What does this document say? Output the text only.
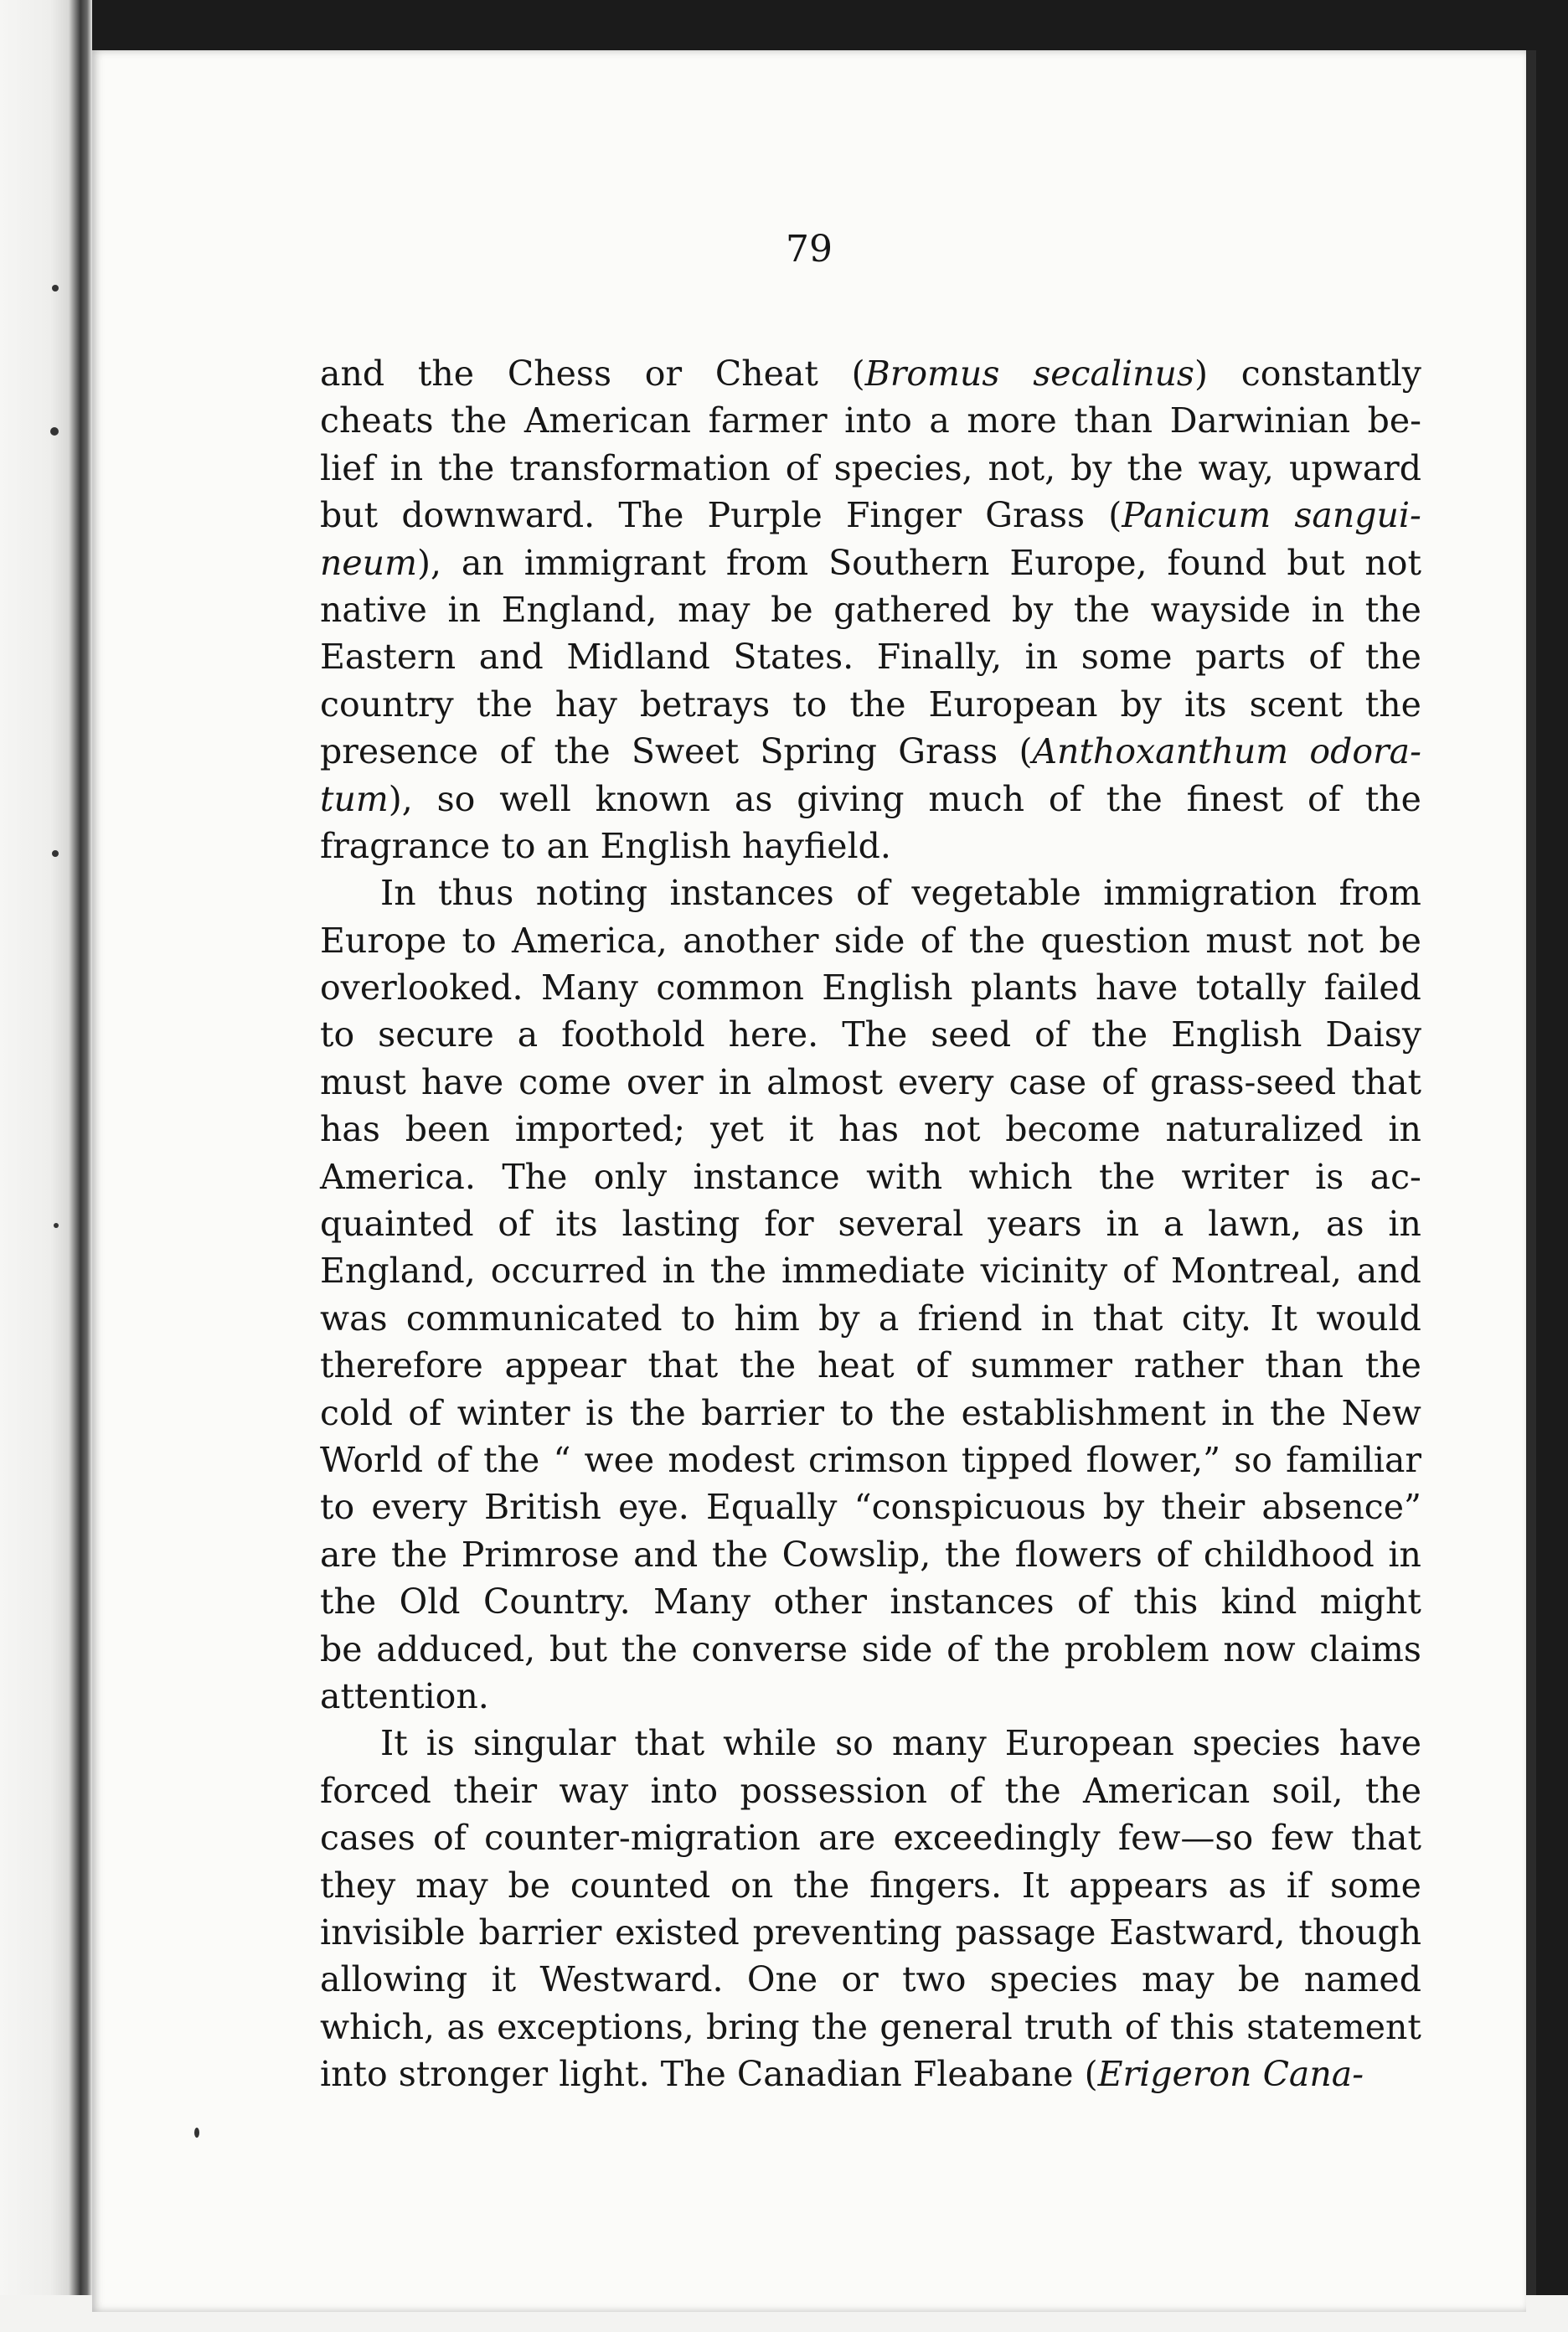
79
and the Chess or Cheat (Bromus secalinus) constantly
cheats the American farmer into a more than Darwinian be-
lief in the transformation of species, not, by the way, upward
but downward. The Purple Finger Grass (Panicum sangui-
neum), an immigrant from Southern Europe, found but not
native in England, may be gathered by the wayside in the
Eastern and Midland States. Finally, in some parts of the
country the hay betrays to the European by its scent the
presence of the Sweet Spring Grass (Anthoxanthum odora-
tum), so well known as giving much of the finest of the
fragrance to an English hayfield.
In thus noting instances of vegetable immigration from
Europe to America, another side of the question must not be
overlooked. Many common English plants have totally failed
to secure a foothold here. The seed of the English Daisy
must have come over in almost every case of grass-seed that
has been imported; yet it has not become naturalized in
America. The only instance with which the writer is ac-
quainted of its lasting for several years in a lawn, as in
England, occurred in the immediate vicinity of Montreal, and
was communicated to him by a friend in that city. It would
therefore appear that the heat of summer rather than the
cold of winter is the barrier to the establishment in the New
World of the “ wee modest crimson tipped flower,” so familiar
to every British eye. Equally “conspicuous by their absence”
are the Primrose and the Cowslip, the flowers of childhood in
the Old Country. Many other instances of this kind might
be adduced, but the converse side of the problem now claims
attention.
It is singular that while so many European species have
forced their way into possession of the American soil, the
cases of counter-migration are exceedingly few—so few that
they may be counted on the fingers. It appears as if some
invisible barrier existed preventing passage Eastward, though
allowing it Westward. One or two species may be named
which, as exceptions, bring the general truth of this statement
into stronger light. The Canadian Fleabane (Erigeron Cana-
